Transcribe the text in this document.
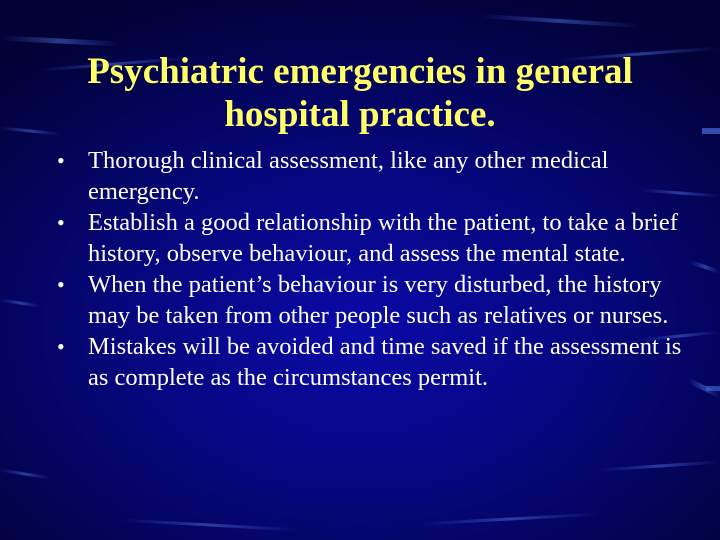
Psychiatric emergencies in general
hospital practice.
• Thorough clinical assessment, like any other medical emergency.
• Establish a good relationship with the patient, to take a brief history, observe behaviour, and assess the mental state.
• When the patient’s behaviour is very disturbed, the history may be taken from other people such as relatives or nurses.
• Mistakes will be avoided and time saved if the assessment is as complete as the circumstances permit.
